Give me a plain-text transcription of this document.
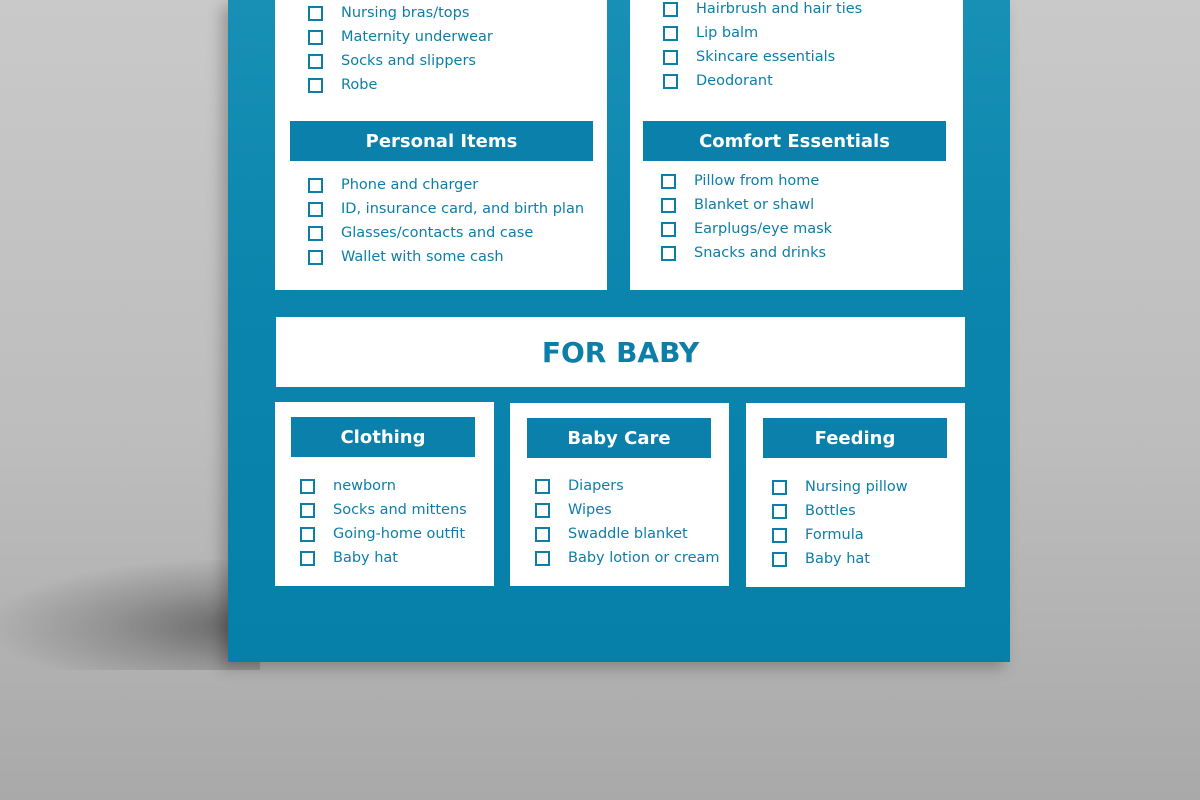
Nursing bras/tops
Maternity underwear
Socks and slippers
Robe
Personal Items
Phone and charger
ID, insurance card, and birth plan
Glasses/contacts and case
Wallet with some cash
Hairbrush and hair ties
Lip balm
Skincare essentials
Deodorant
Comfort Essentials
Pillow from home
Blanket or shawl
Earplugs/eye mask
Snacks and drinks
FOR BABY
Clothing
newborn
Socks and mittens
Going-home outfit
Baby hat
Baby Care
Diapers
Wipes
Swaddle blanket
Baby lotion or cream
Feeding
Nursing pillow
Bottles
Formula
Baby hat
